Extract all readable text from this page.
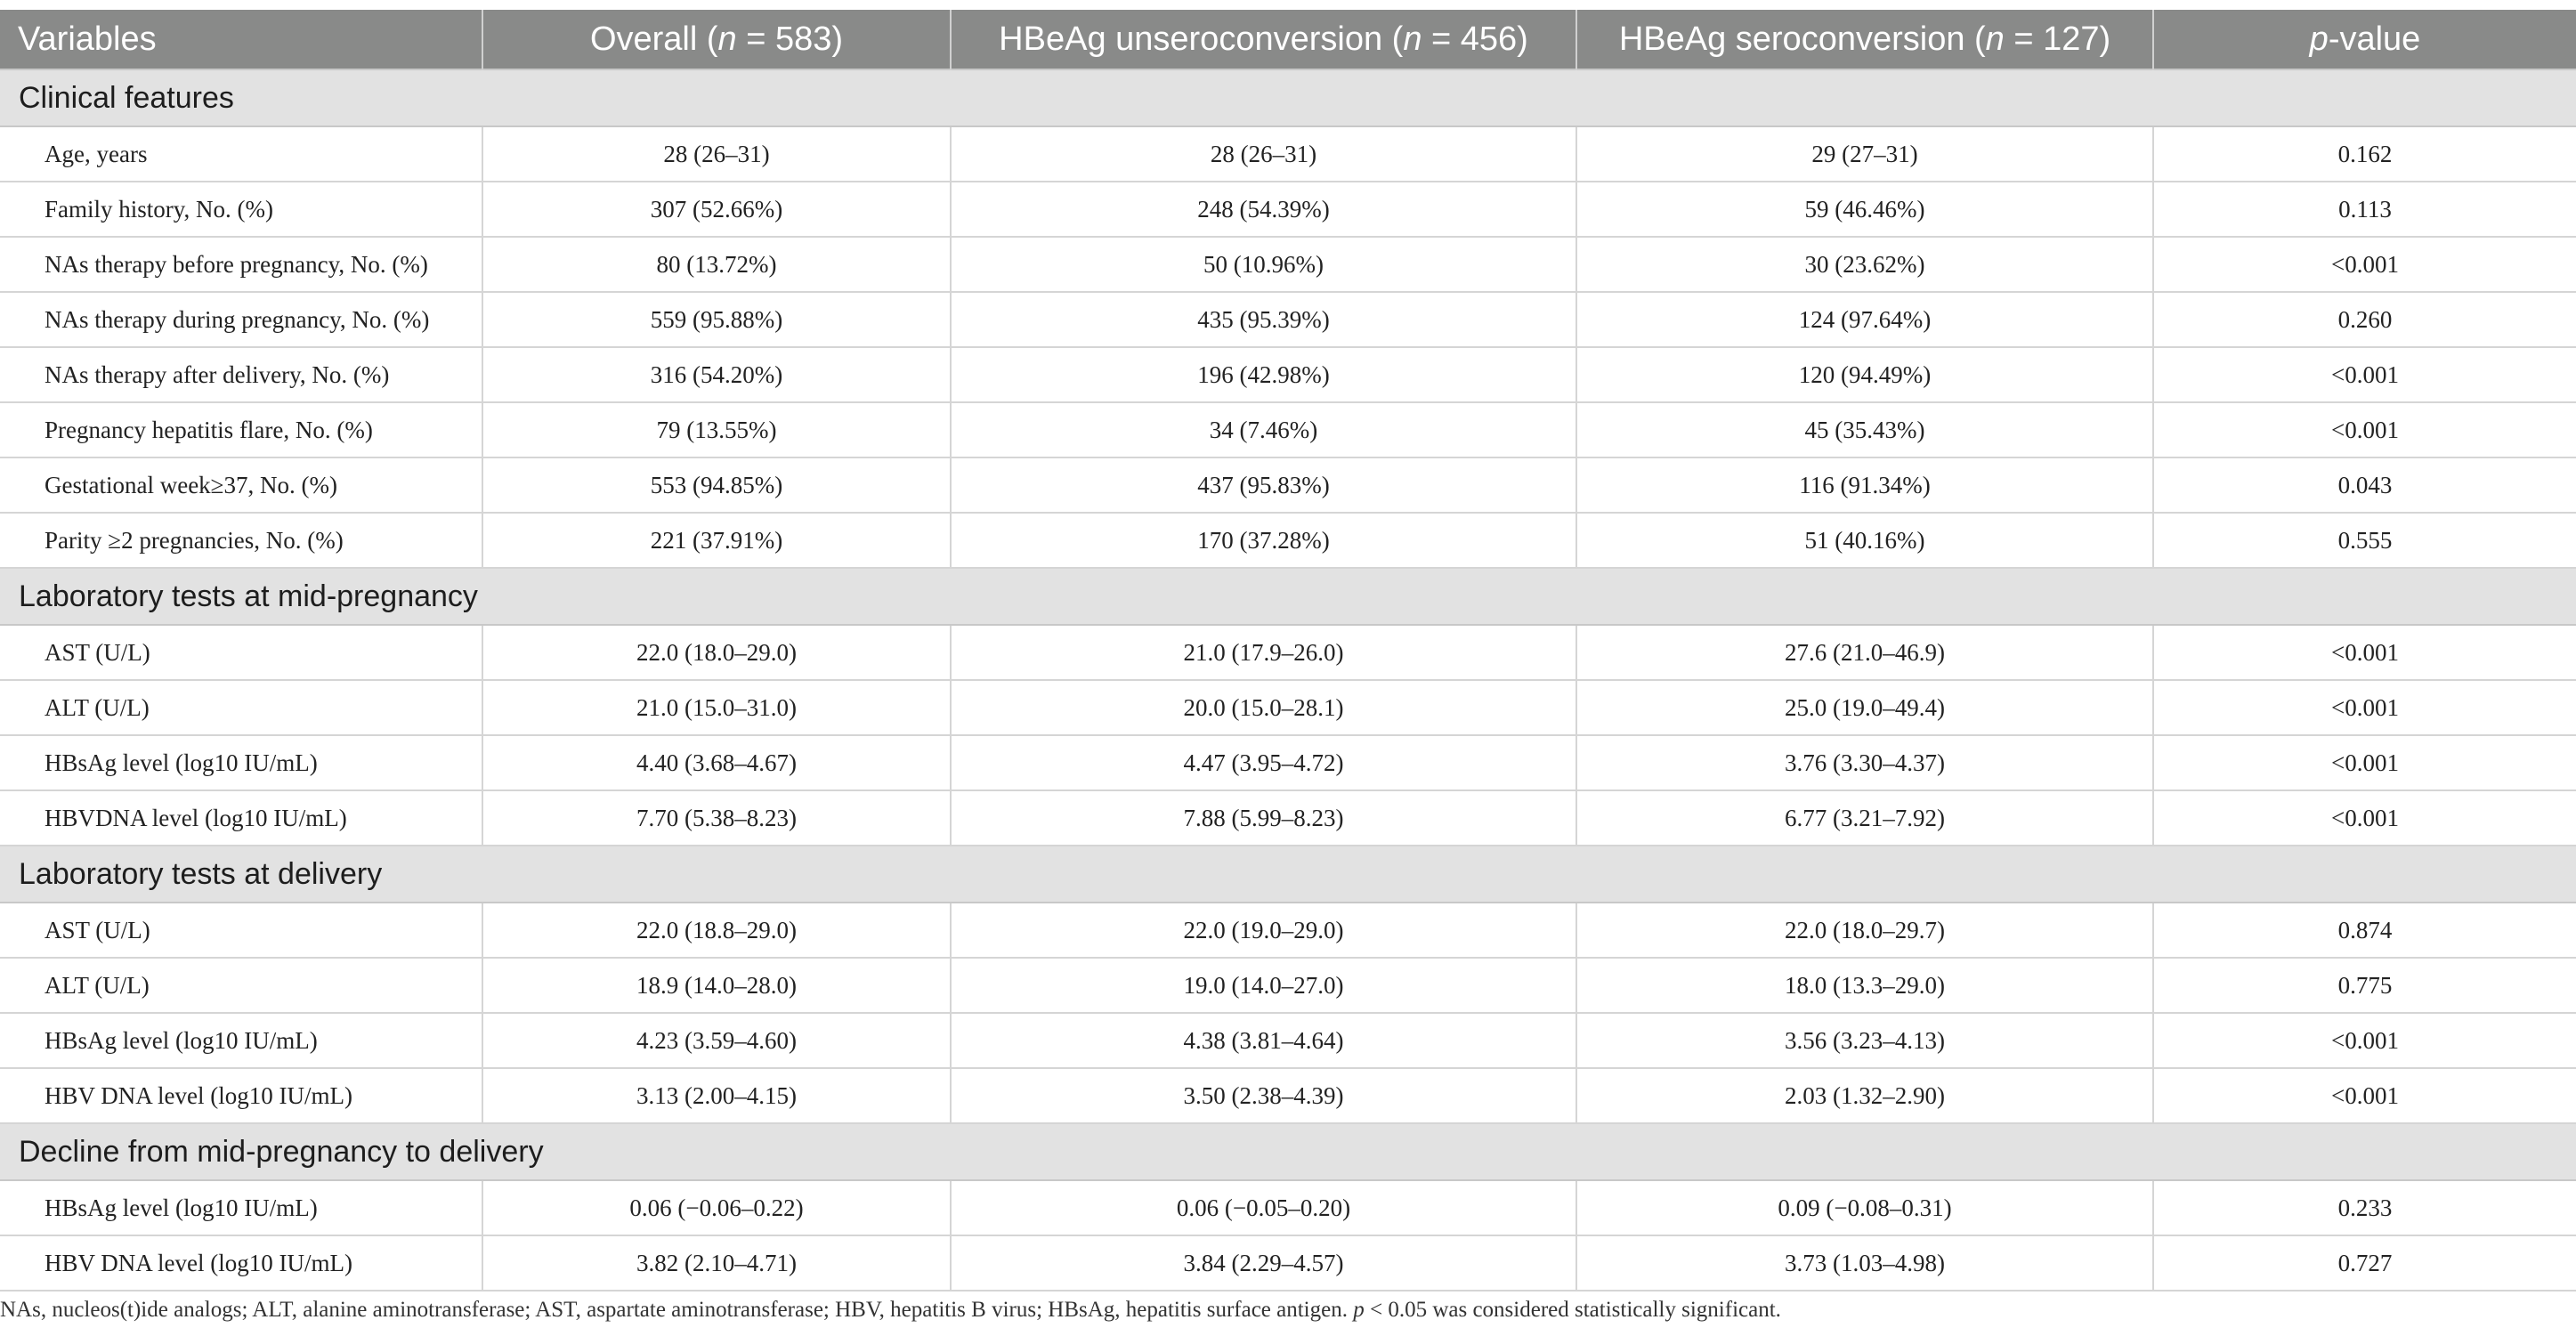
Variables	Overall (n = 583)	HBeAg unseroconversion (n = 456)	HBeAg seroconversion (n = 127)	p-value
Clinical features				
Age, years	28 (26–31)	28 (26–31)	29 (27–31)	0.162
Family history, No. (%)	307 (52.66%)	248 (54.39%)	59 (46.46%)	0.113
NAs therapy before pregnancy, No. (%)	80 (13.72%)	50 (10.96%)	30 (23.62%)	<0.001
NAs therapy during pregnancy, No. (%)	559 (95.88%)	435 (95.39%)	124 (97.64%)	0.260
NAs therapy after delivery, No. (%)	316 (54.20%)	196 (42.98%)	120 (94.49%)	<0.001
Pregnancy hepatitis flare, No. (%)	79 (13.55%)	34 (7.46%)	45 (35.43%)	<0.001
Gestational week≥37, No. (%)	553 (94.85%)	437 (95.83%)	116 (91.34%)	0.043
Parity ≥2 pregnancies, No. (%)	221 (37.91%)	170 (37.28%)	51 (40.16%)	0.555
Laboratory tests at mid-pregnancy				
AST (U/L)	22.0 (18.0–29.0)	21.0 (17.9–26.0)	27.6 (21.0–46.9)	<0.001
ALT (U/L)	21.0 (15.0–31.0)	20.0 (15.0–28.1)	25.0 (19.0–49.4)	<0.001
HBsAg level (log10 IU/mL)	4.40 (3.68–4.67)	4.47 (3.95–4.72)	3.76 (3.30–4.37)	<0.001
HBVDNA level (log10 IU/mL)	7.70 (5.38–8.23)	7.88 (5.99–8.23)	6.77 (3.21–7.92)	<0.001
Laboratory tests at delivery				
AST (U/L)	22.0 (18.8–29.0)	22.0 (19.0–29.0)	22.0 (18.0–29.7)	0.874
ALT (U/L)	18.9 (14.0–28.0)	19.0 (14.0–27.0)	18.0 (13.3–29.0)	0.775
HBsAg level (log10 IU/mL)	4.23 (3.59–4.60)	4.38 (3.81–4.64)	3.56 (3.23–4.13)	<0.001
HBV DNA level (log10 IU/mL)	3.13 (2.00–4.15)	3.50 (2.38–4.39)	2.03 (1.32–2.90)	<0.001
Decline from mid-pregnancy to delivery				
HBsAg level (log10 IU/mL)	0.06 (−0.06–0.22)	0.06 (−0.05–0.20)	0.09 (−0.08–0.31)	0.233
HBV DNA level (log10 IU/mL)	3.82 (2.10–4.71)	3.84 (2.29–4.57)	3.73 (1.03–4.98)	0.727
NAs, nucleos(t)ide analogs; ALT, alanine aminotransferase; AST, aspartate aminotransferase; HBV, hepatitis B virus; HBsAg, hepatitis surface antigen. p < 0.05 was considered statistically significant.
